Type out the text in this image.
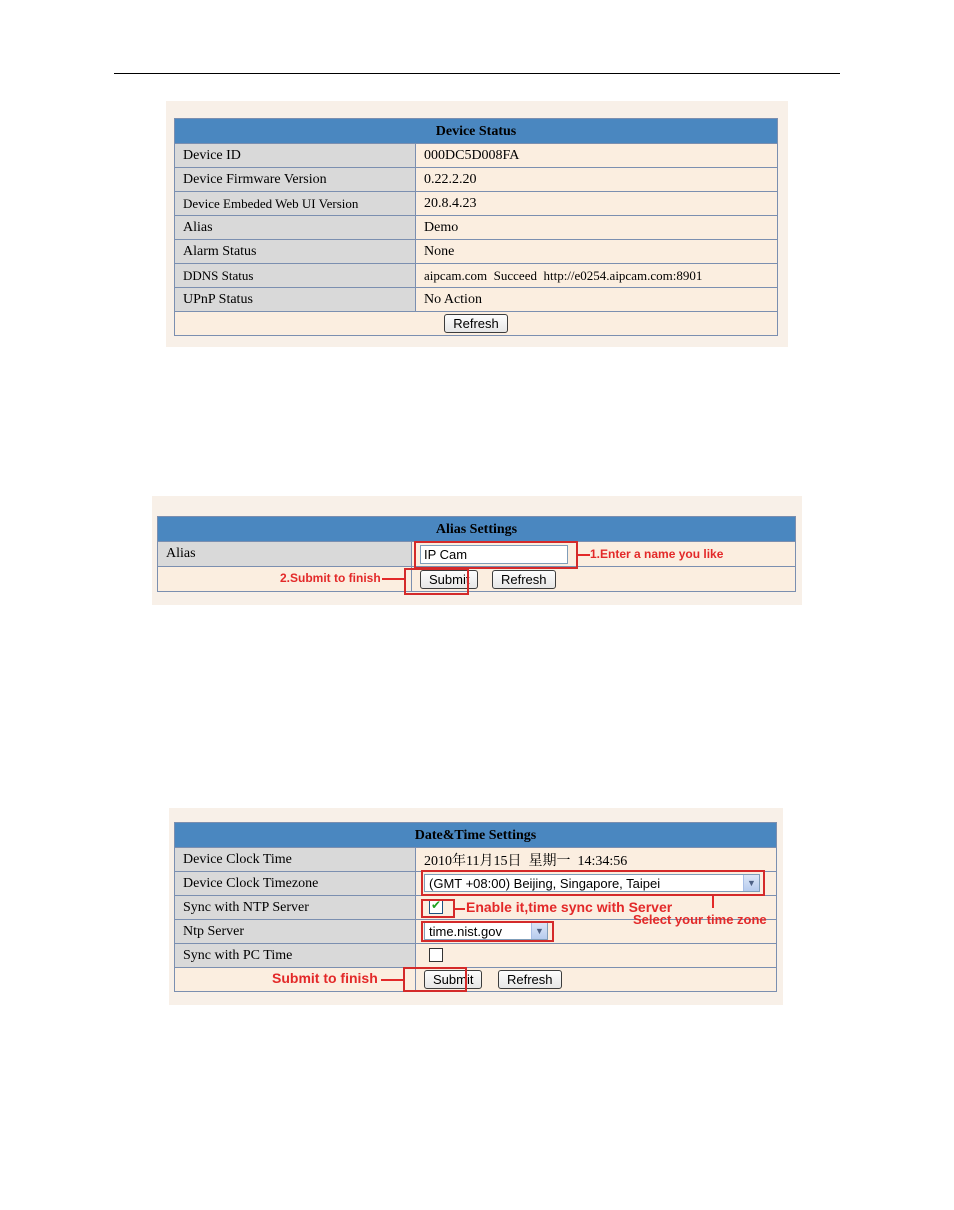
Device Status	
Device ID	000DC5D008FA
Device Firmware Version	0.22.2.20
Device Embeded Web UI Version	20.8.4.23
Alias	Demo
Alarm Status	None
DDNS Status	aipcam.com  Succeed  http://e0254.aipcam.com:8901
UPnP Status	No Action
Refresh	
Alias Settings	
Alias	IP Cam
	Submit Refresh
1.Enter a name you like
2.Submit to finish
Date&Time Settings	
Device Clock Time	2010年11月15日  星期一  14:34:56
Device Clock Timezone	(GMT +08:00) Beijing, Singapore, Taipei ▼

Sync with NTP Server	✔

Ntp Server	time.nist.gov ▼

Sync with PC Time	
	Submit Refresh
Select your time zone
Enable it,time sync with Server
Submit to finish
